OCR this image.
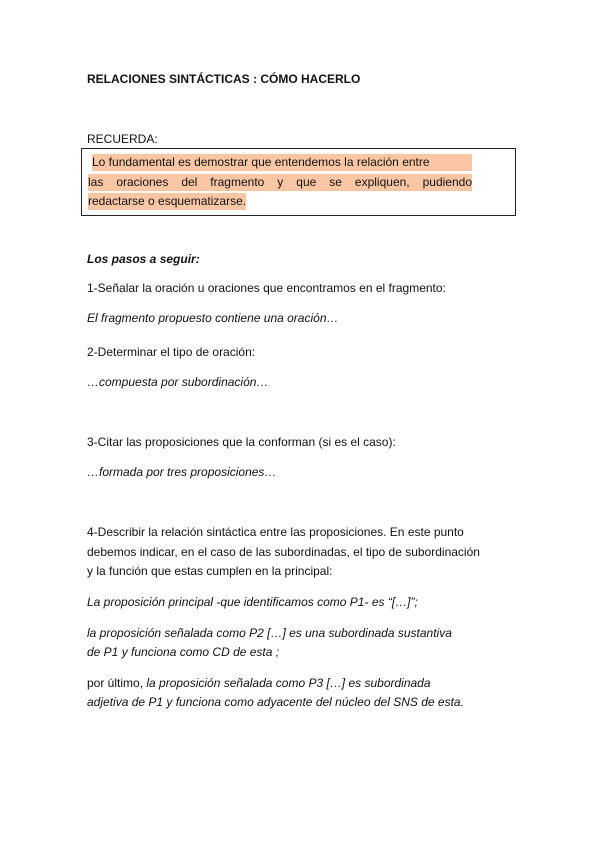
RELACIONES SINTÁCTICAS : CÓMO HACERLO
RECUERDA:
Lo fundamental es demostrar que entendemos la relación entre
las oraciones del fragmento y que se expliquen, pudiendo
redactarse o esquematizarse.
Los pasos a seguir:
1-Señalar la oración u oraciones que encontramos en el fragmento:
El fragmento propuesto contiene una oración…
2-Determinar el tipo de oración:
…compuesta por subordinación…
3-Citar las proposiciones que la conforman (si es el caso):
…formada por tres proposiciones…
4-Describir la relación sintáctica entre las proposiciones. En este punto
debemos indicar, en el caso de las subordinadas, el tipo de subordinación
y la función que estas cumplen en la principal:
La proposición principal -que identificamos como P1- es “[…]”;
la proposición señalada como P2 […] es una subordinada sustantiva
de P1 y funciona como CD de esta ;
por último, la proposición señalada como P3 […] es subordinada
adjetiva de P1 y funciona como adyacente del núcleo del SNS de esta.
